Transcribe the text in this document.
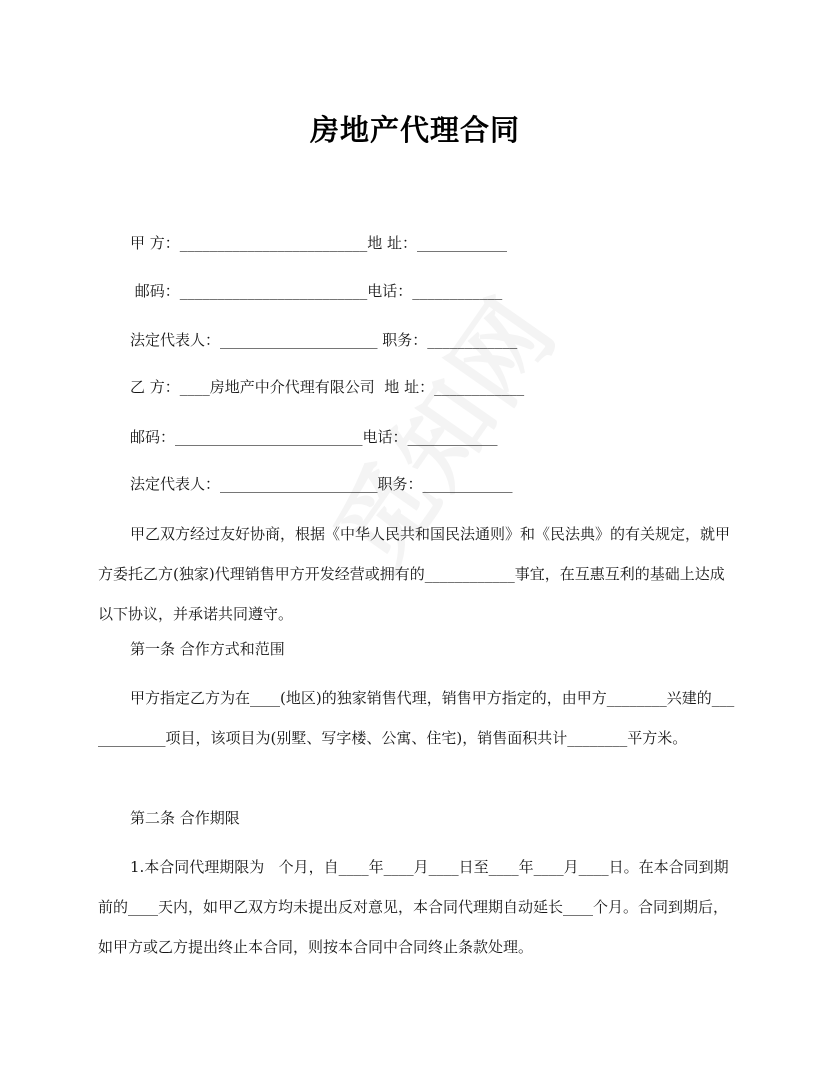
房地产代理合同
甲 方：_________________________地 址：____________
邮码：_________________________电话：____________
法定代表人：_____________________ 职务：____________
乙 方：____房地产中介代理有限公司  地 址：____________
邮码：_________________________电话：____________
法定代表人：_____________________职务：____________
甲乙双方经过友好协商，根据《中华人民共和国民法通则》和《民法典》的有关规定，就甲方委托乙方(独家)代理销售甲方开发经营或拥有的____________事宜，在互惠互利的基础上达成以下协议，并承诺共同遵守。
第一条 合作方式和范围
甲方指定乙方为在____(地区)的独家销售代理，销售甲方指定的，由甲方________兴建的____________项目，该项目为(别墅、写字楼、公寓、住宅)，销售面积共计________平方米。
第二条 合作期限
1.本合同代理期限为   个月，自____年____月____日至____年____月____日。在本合同到期前的____天内，如甲乙双方均未提出反对意见，本合同代理期自动延长____个月。合同到期后，如甲方或乙方提出终止本合同，则按本合同中合同终止条款处理。
